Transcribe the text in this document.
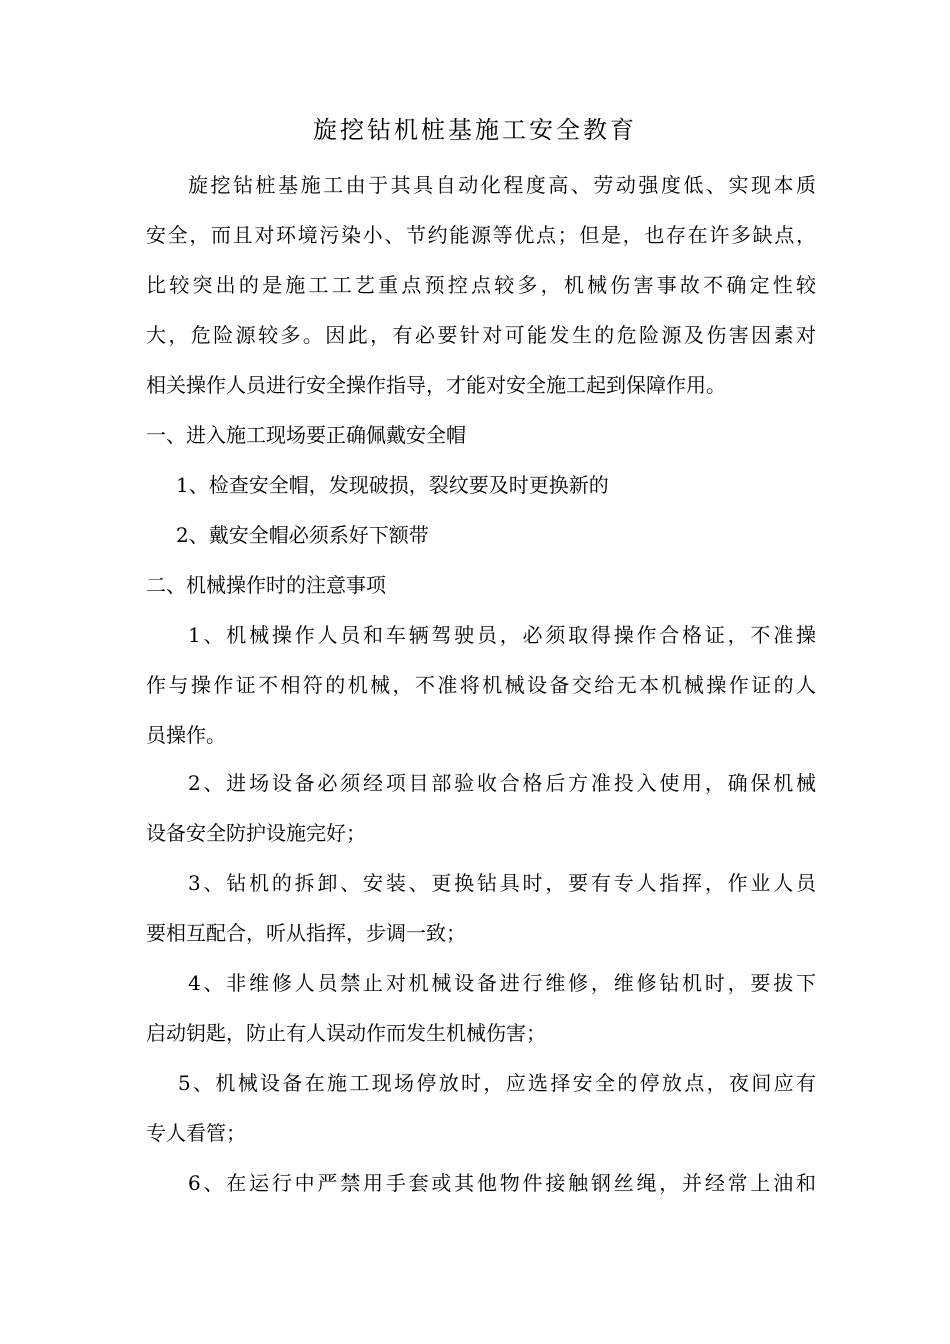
旋挖钻机桩基施工安全教育
旋挖钻桩基施工由于其具自动化程度高、劳动强度低、实现本质
安全，而且对环境污染小、节约能源等优点；但是，也存在许多缺点，
比较突出的是施工工艺重点预控点较多，机械伤害事故不确定性较
大，危险源较多。因此，有必要针对可能发生的危险源及伤害因素对
相关操作人员进行安全操作指导，才能对安全施工起到保障作用。
一、进入施工现场要正确佩戴安全帽
1、检查安全帽，发现破损，裂纹要及时更换新的
2、戴安全帽必须系好下额带
二、机械操作时的注意事项
1、机械操作人员和车辆驾驶员，必须取得操作合格证，不准操
作与操作证不相符的机械，不准将机械设备交给无本机械操作证的人
员操作。
2、进场设备必须经项目部验收合格后方准投入使用，确保机械
设备安全防护设施完好；
3、钻机的拆卸、安装、更换钻具时，要有专人指挥，作业人员
要相互配合，听从指挥，步调一致；
4、非维修人员禁止对机械设备进行维修，维修钻机时，要拔下
启动钥匙，防止有人误动作而发生机械伤害；
5、机械设备在施工现场停放时，应选择安全的停放点，夜间应有
专人看管；
6、在运行中严禁用手套或其他物件接触钢丝绳，并经常上油和
